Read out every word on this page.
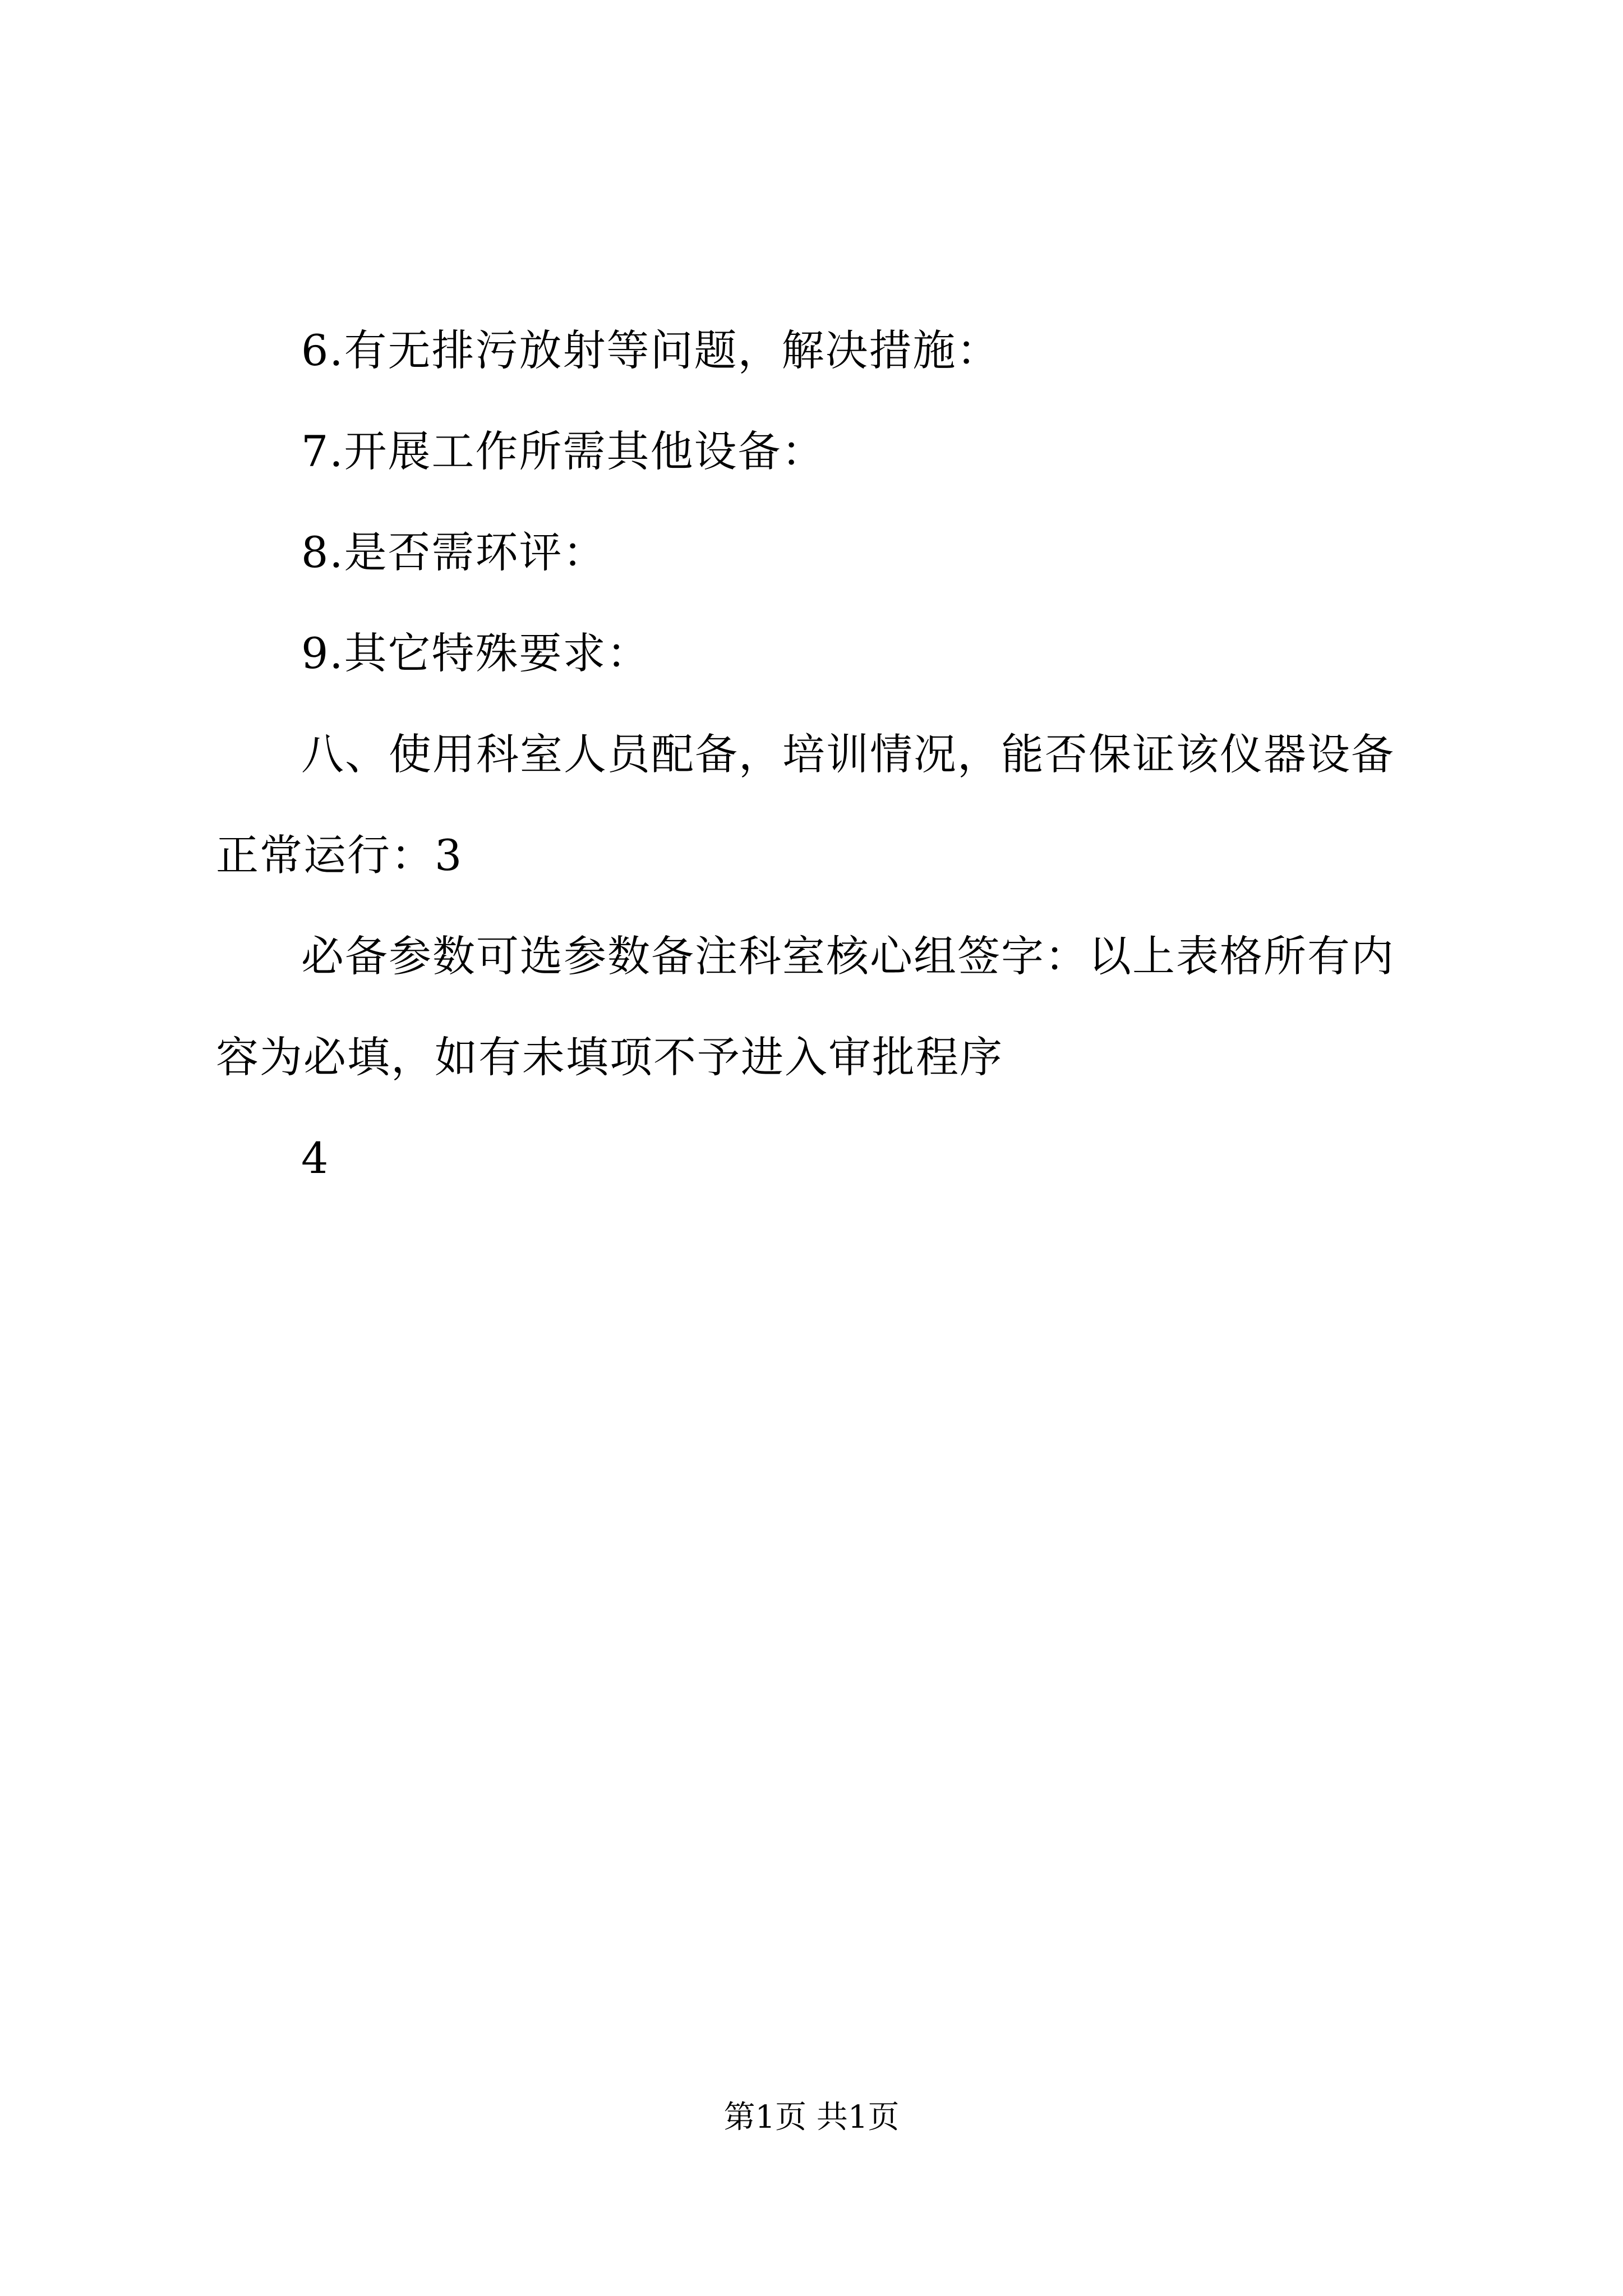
6.有无排污放射等问题，解决措施：

7.开展工作所需其他设备：

8.是否需环评：

9.其它特殊要求：

八、使用科室人员配备，培训情况，能否保证该仪器设备正常运行：3

必备参数可选参数备注科室核心组签字：以上表格所有内容为必填，如有未填项不予进入审批程序

4

第1页 共1页
